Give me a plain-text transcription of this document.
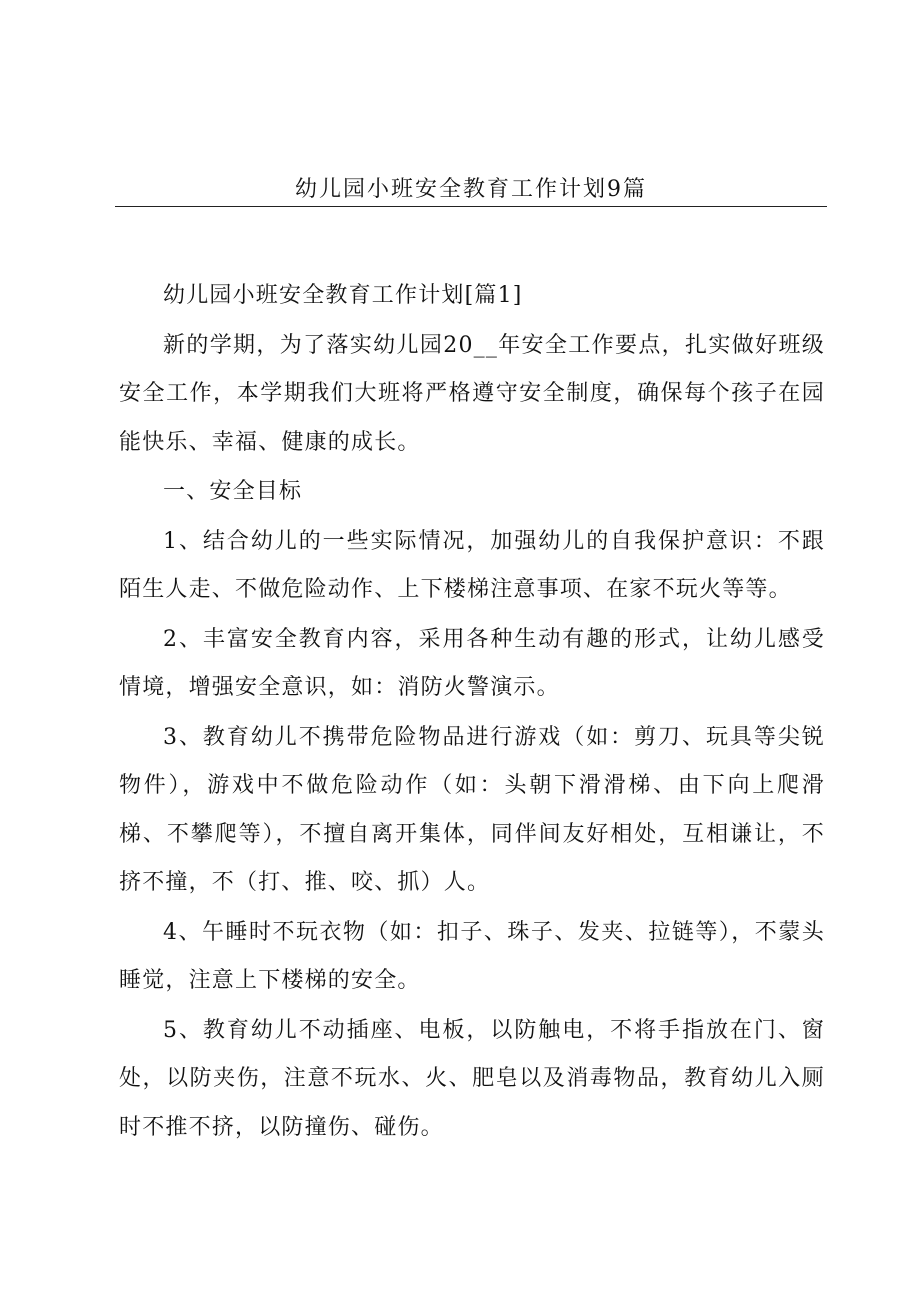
幼儿园小班安全教育工作计划9篇

幼儿园小班安全教育工作计划[篇1]

新的学期，为了落实幼儿园20__年安全工作要点，扎实做好班级安全工作，本学期我们大班将严格遵守安全制度，确保每个孩子在园能快乐、幸福、健康的成长。

一、安全目标

1、结合幼儿的一些实际情况，加强幼儿的自我保护意识：不跟陌生人走、不做危险动作、上下楼梯注意事项、在家不玩火等等。

2、丰富安全教育内容，采用各种生动有趣的形式，让幼儿感受情境，增强安全意识，如：消防火警演示。

3、教育幼儿不携带危险物品进行游戏（如：剪刀、玩具等尖锐物件），游戏中不做危险动作（如：头朝下滑滑梯、由下向上爬滑梯、不攀爬等），不擅自离开集体，同伴间友好相处，互相谦让，不挤不撞，不（打、推、咬、抓）人。

4、午睡时不玩衣物（如：扣子、珠子、发夹、拉链等），不蒙头睡觉，注意上下楼梯的安全。

5、教育幼儿不动插座、电板，以防触电，不将手指放在门、窗处，以防夹伤，注意不玩水、火、肥皂以及消毒物品，教育幼儿入厕时不推不挤，以防撞伤、碰伤。
